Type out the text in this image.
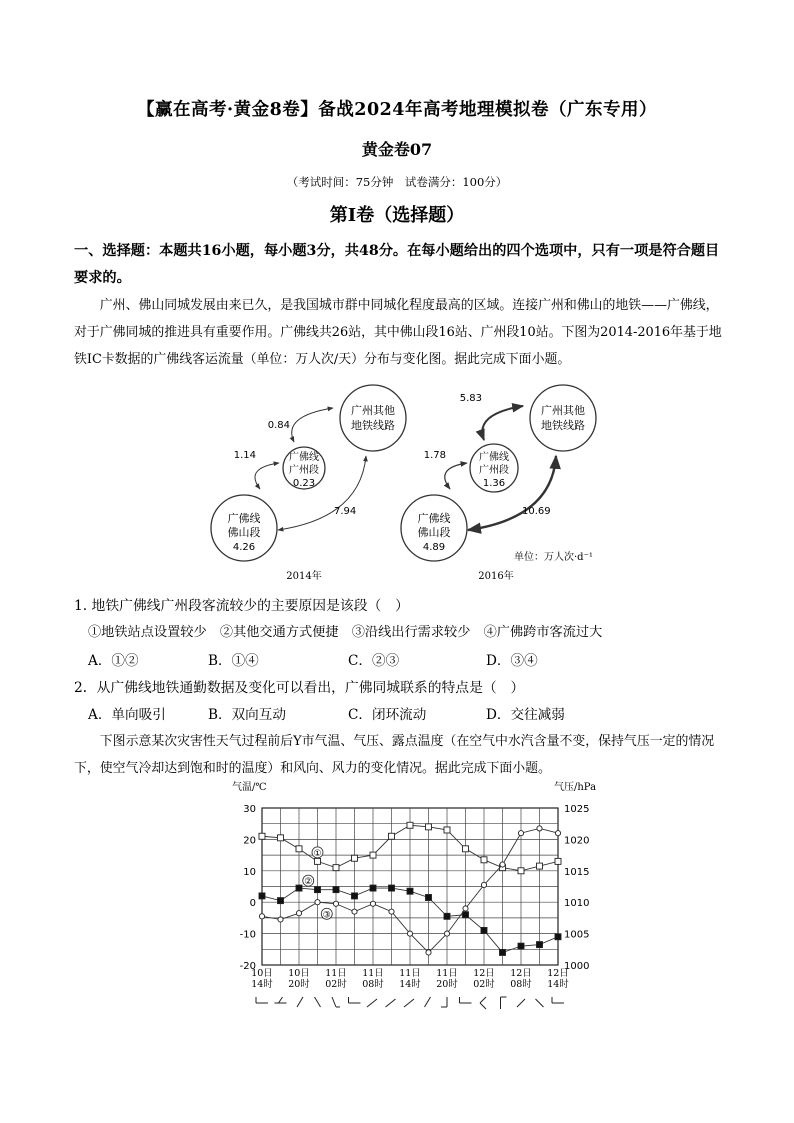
【赢在高考·黄金8卷】备战2024年高考地理模拟卷（广东专用）
黄金卷07
（考试时间：75分钟　试卷满分：100分）
第I卷（选择题）
一、选择题：本题共16小题，每小题3分，共48分。在每小题给出的四个选项中，只有一项是符合题目要求的。
广州、佛山同城发展由来已久，是我国城市群中同城化程度最高的区域。连接广州和佛山的地铁——广佛线，对于广佛同城的推进具有重要作用。广佛线共26站，其中佛山段16站、广州段10站。下图为2014-2016年基于地铁IC卡数据的广佛线客运流量（单位：万人次/天）分布与变化图。据此完成下面小题。
广州其他
地铁线路
广佛线
广州段
0.23
广佛线
佛山段
4.26
0.84
1.14
7.94
2014年
广州其他
地铁线路
广佛线
广州段
1.36
广佛线
佛山段
4.89
5.83
1.78
10.69
2016年
单位：万人次·d⁻¹
1. 地铁广佛线广州段客流较少的主要原因是该段（　）
①地铁站点设置较少　②其他交通方式便捷　③沿线出行需求较少　④广佛跨市客流过大
A．①②	B．①④	C．②③	D．③④
2．从广佛线地铁通勤数据及变化可以看出，广佛同城联系的特点是（　）
A．单向吸引	B．双向互动	C．闭环流动	D．交往减弱
下图示意某次灾害性天气过程前后Y市气温、气压、露点温度（在空气中水汽含量不变，保持气压一定的情况下，使空气冷却达到饱和时的温度）和风向、风力的变化情况。据此完成下面小题。
气温/℃	气压/hPa
30
20
10
0
-10
-20
1025
1020
1015
1010
1005
1000
10日
14时
10日
20时
11日
02时
11日
08时
11日
14时
11日
20时
12日
02时
12日
08时
12日
14时
①
②
③
